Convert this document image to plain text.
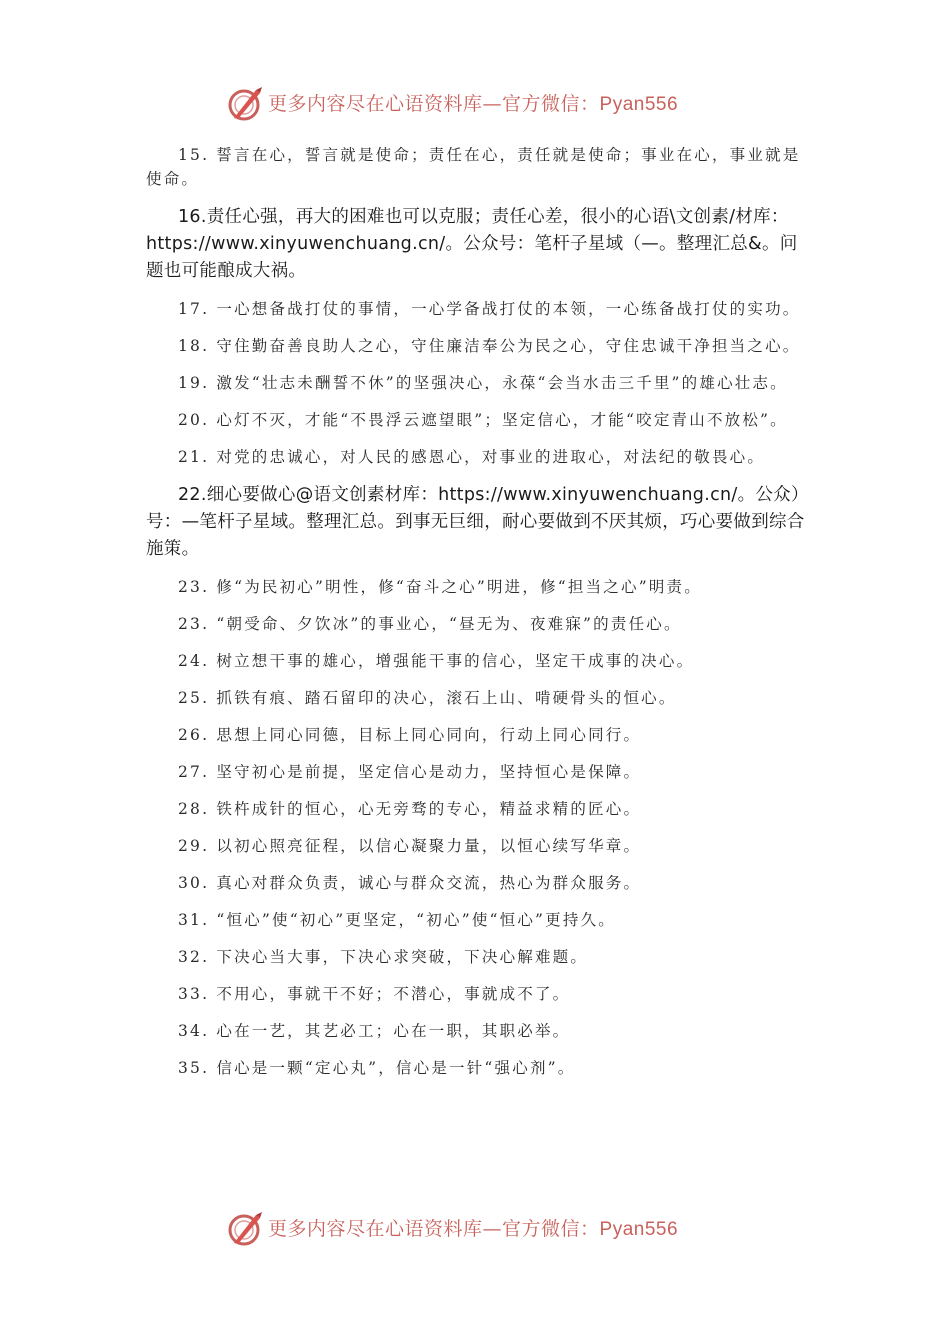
更多内容尽在心语资料库—官方微信：Pyan556

15. 誓言在心，誓言就是使命；责任在心，责任就是使命；事业在心，事业就是使命。

16.责任心强，再大的困难也可以克服；责任心差，很小的心语\文创素/材库：https://www.xinyuwenchuang.cn/。公众号：笔杆子星域（—。整理汇总&。问题也可能酿成大祸。

17. 一心想备战打仗的事情，一心学备战打仗的本领，一心练备战打仗的实功。

18. 守住勤奋善良助人之心，守住廉洁奉公为民之心，守住忠诚干净担当之心。

19. 激发“壮志未酬誓不休”的坚强决心，永葆“会当水击三千里”的雄心壮志。

20. 心灯不灭，才能“不畏浮云遮望眼”；坚定信心，才能“咬定青山不放松”。

21. 对党的忠诚心，对人民的感恩心，对事业的进取心，对法纪的敬畏心。

22.细心要做心@语文创素材库：https://www.xinyuwenchuang.cn/。公众）号：—笔杆子星域。整理汇总。到事无巨细，耐心要做到不厌其烦，巧心要做到综合施策。

23. 修“为民初心”明性，修“奋斗之心”明进，修“担当之心”明责。

23. “朝受命、夕饮冰”的事业心，“昼无为、夜难寐”的责任心。

24. 树立想干事的雄心，增强能干事的信心，坚定干成事的决心。

25. 抓铁有痕、踏石留印的决心，滚石上山、啃硬骨头的恒心。

26. 思想上同心同德，目标上同心同向，行动上同心同行。

27. 坚守初心是前提，坚定信心是动力，坚持恒心是保障。

28. 铁杵成针的恒心，心无旁骛的专心，精益求精的匠心。

29. 以初心照亮征程，以信心凝聚力量，以恒心续写华章。

30. 真心对群众负责，诚心与群众交流，热心为群众服务。

31. “恒心”使“初心”更坚定，“初心”使“恒心”更持久。

32. 下决心当大事，下决心求突破，下决心解难题。

33. 不用心，事就干不好；不潜心，事就成不了。

34. 心在一艺，其艺必工；心在一职，其职必举。

35. 信心是一颗“定心丸”，信心是一针“强心剂”。

更多内容尽在心语资料库—官方微信：Pyan556
